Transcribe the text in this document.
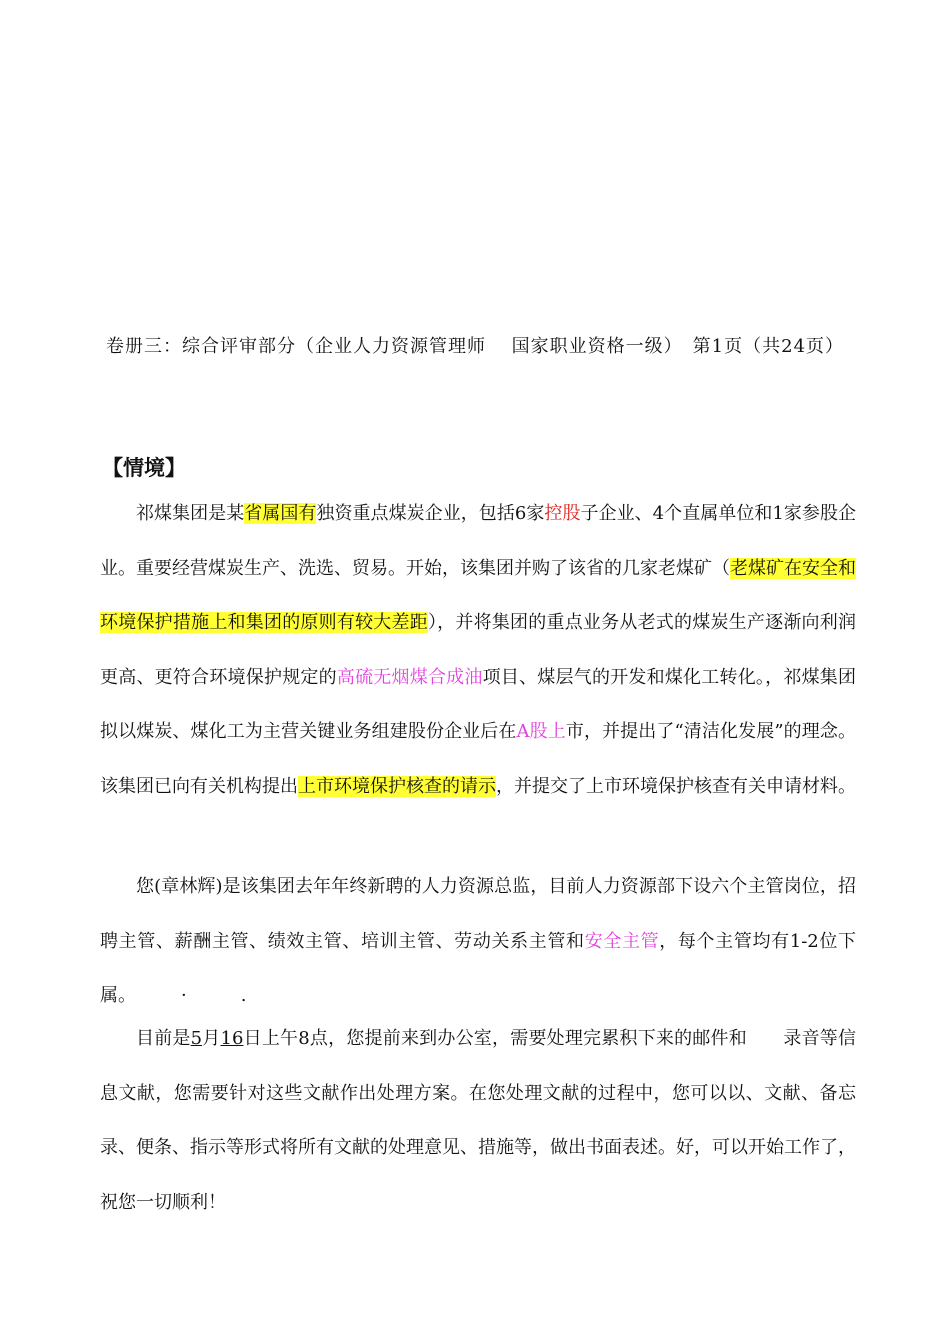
卷册三：综合评审部分（企业人力资源管理师 　国家职业资格一级）　第1页（共24页）
【情境】

祁煤集团是某省属国有独资重点煤炭企业，包括6家控股子企业、4个直属单位和1家参股企业。重要经营煤炭生产、洗选、贸易。开始，该集团并购了该省的几家老煤矿（老煤矿在安全和环境保护措施上和集团的原则有较大差距），并将集团的重点业务从老式的煤炭生产逐渐向利润更高、更符合环境保护规定的高硫无烟煤合成油项目、煤层气的开发和煤化工转化。，祁煤集团拟以煤炭、煤化工为主营关键业务组建股份企业后在A股上市，并提出了“清洁化发展”的理念。该集团已向有关机构提出上市环境保护核查的请示，并提交了上市环境保护核查有关申请材料。

您(章林辉)是该集团去年年终新聘的人力资源总监，目前人力资源部下设六个主管岗位，招聘主管、薪酬主管、绩效主管、培训主管、劳动关系主管和安全主管，每个主管均有1-2位下属。　　　·　　　.

目前是5月16日上午8点，您提前来到办公室，需要处理完累积下来的邮件和　　录音等信息文献，您需要针对这些文献作出处理方案。在您处理文献的过程中，您可以以、文献、备忘录、便条、指示等形式将所有文献的处理意见、措施等，做出书面表述。好，可以开始工作了，祝您一切顺利！
